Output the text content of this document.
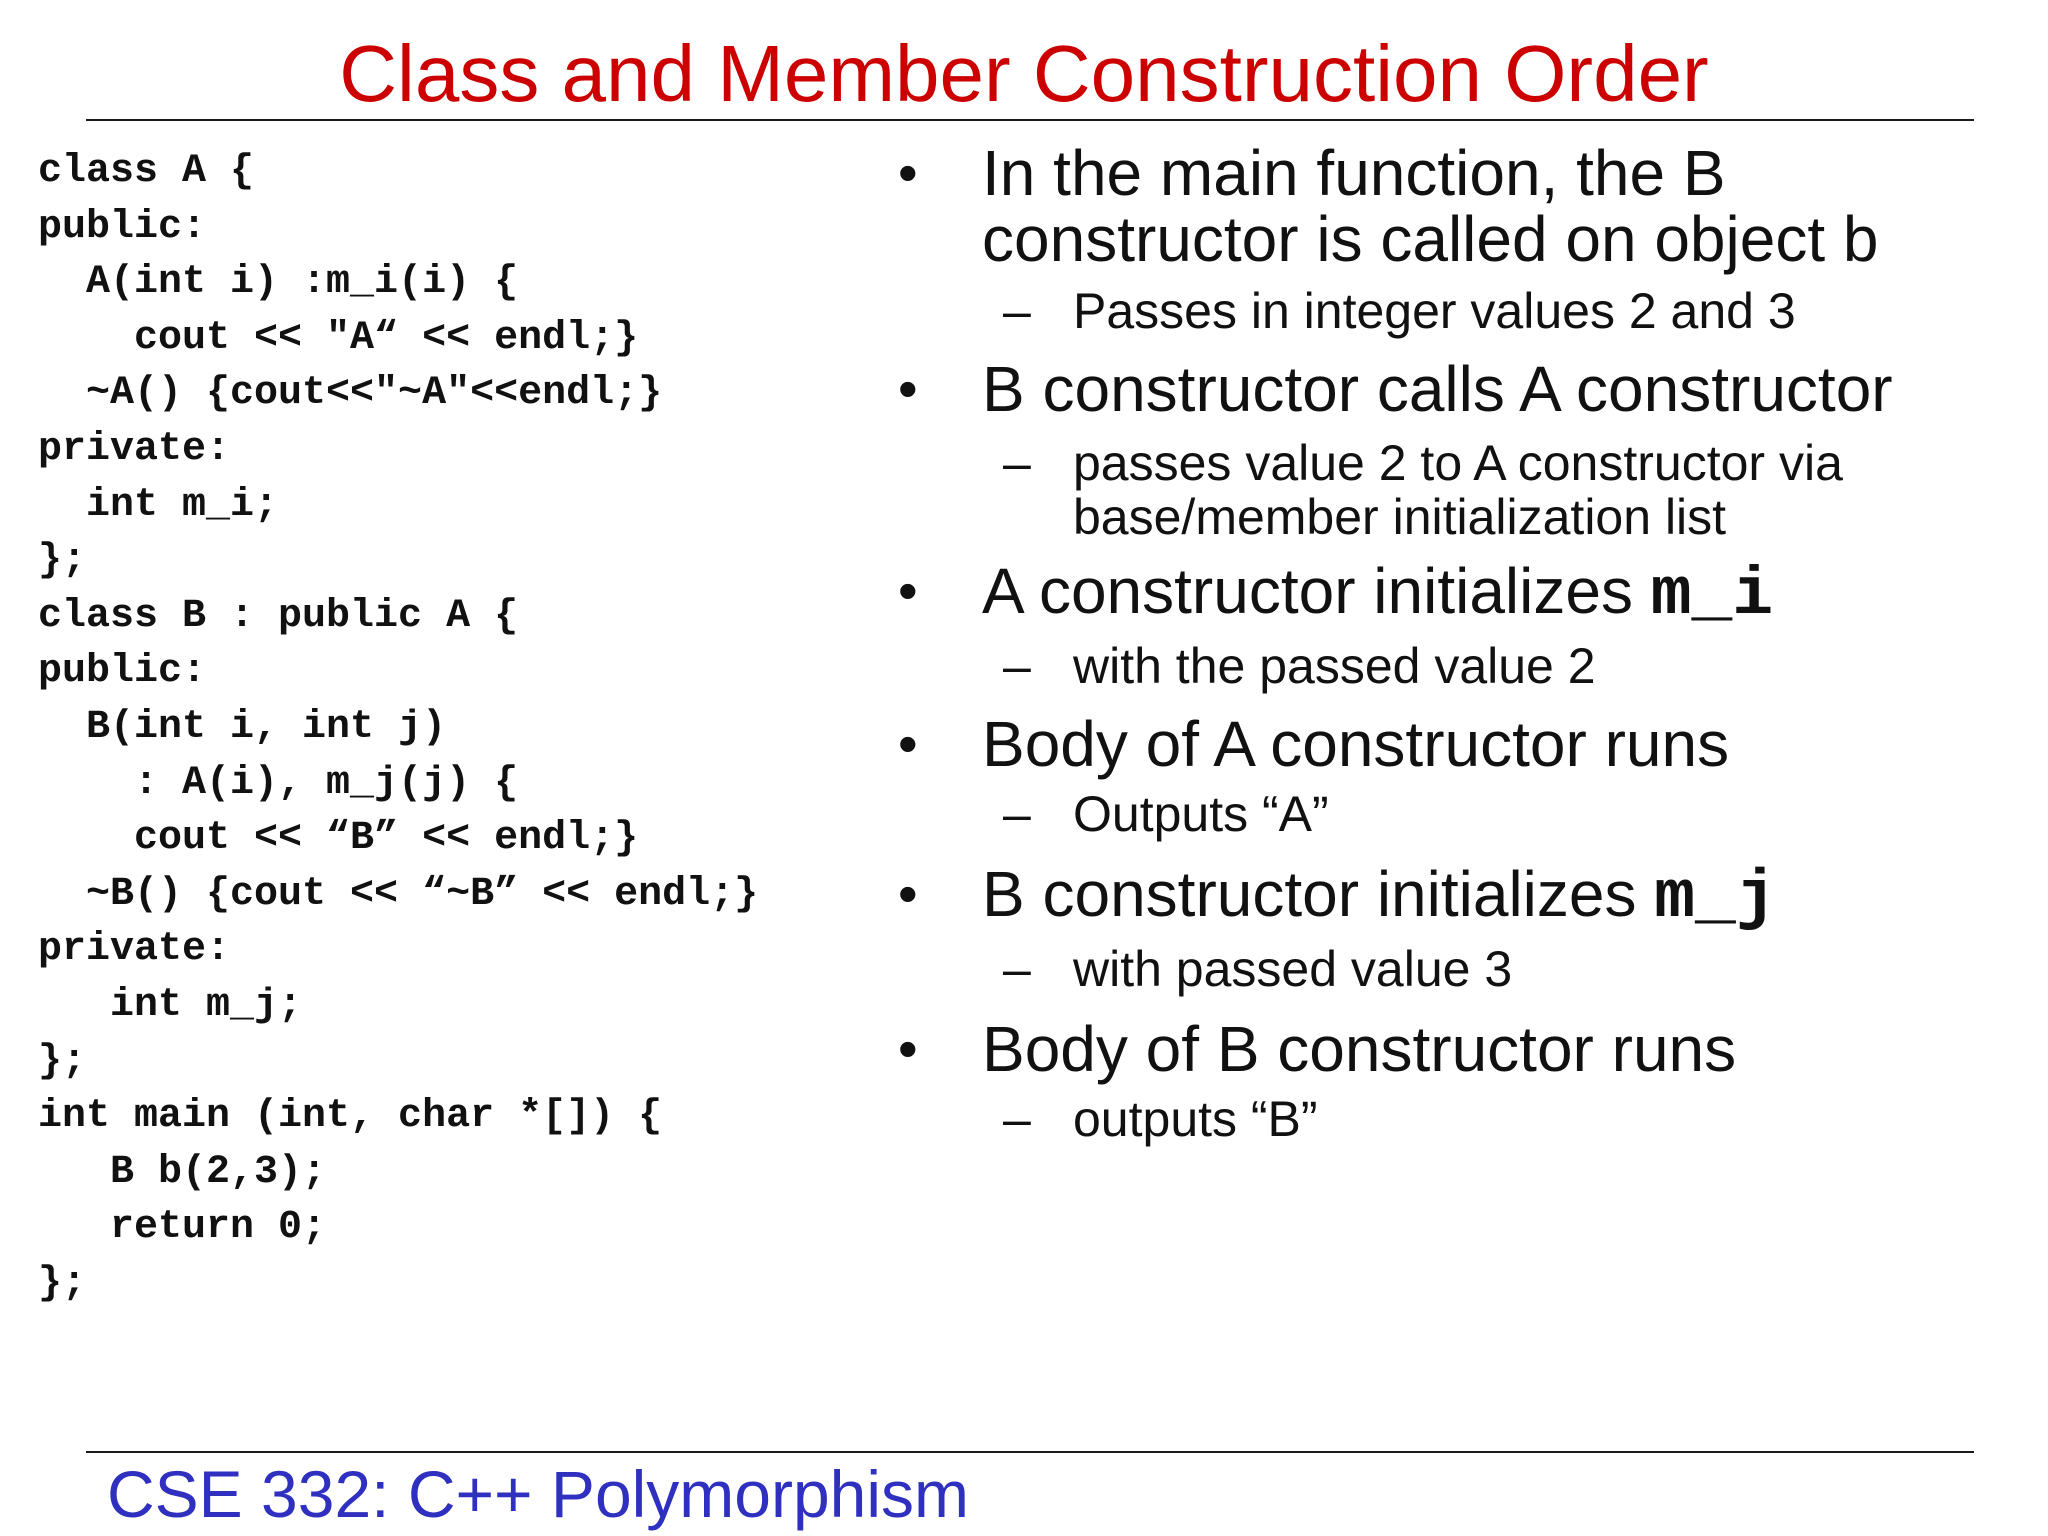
Class and Member Construction Order
class A {
public:
A(int i) :m_i(i) {
cout << "A“ << endl;}
~A() {cout<<"~A"<<endl;}
private:
int m_i;
};
class B : public A {
public:
B(int i, int j)
: A(i), m_j(j) {
cout << “B” << endl;}
~B() {cout << “~B” << endl;}
private:
int m_j;
};
int main (int, char *[]) {
B b(2,3);
return 0;
};
• In the main function, the B constructor is called on object b
– Passes in integer values 2 and 3
• B constructor calls A constructor
– passes value 2 to A constructor via base/member initialization list
• A constructor initializes m_i
– with the passed value 2
• Body of A constructor runs
– Outputs “A”
• B constructor initializes m_j
– with passed value 3
• Body of B constructor runs
– outputs “B”

CSE 332: C++ Polymorphism
